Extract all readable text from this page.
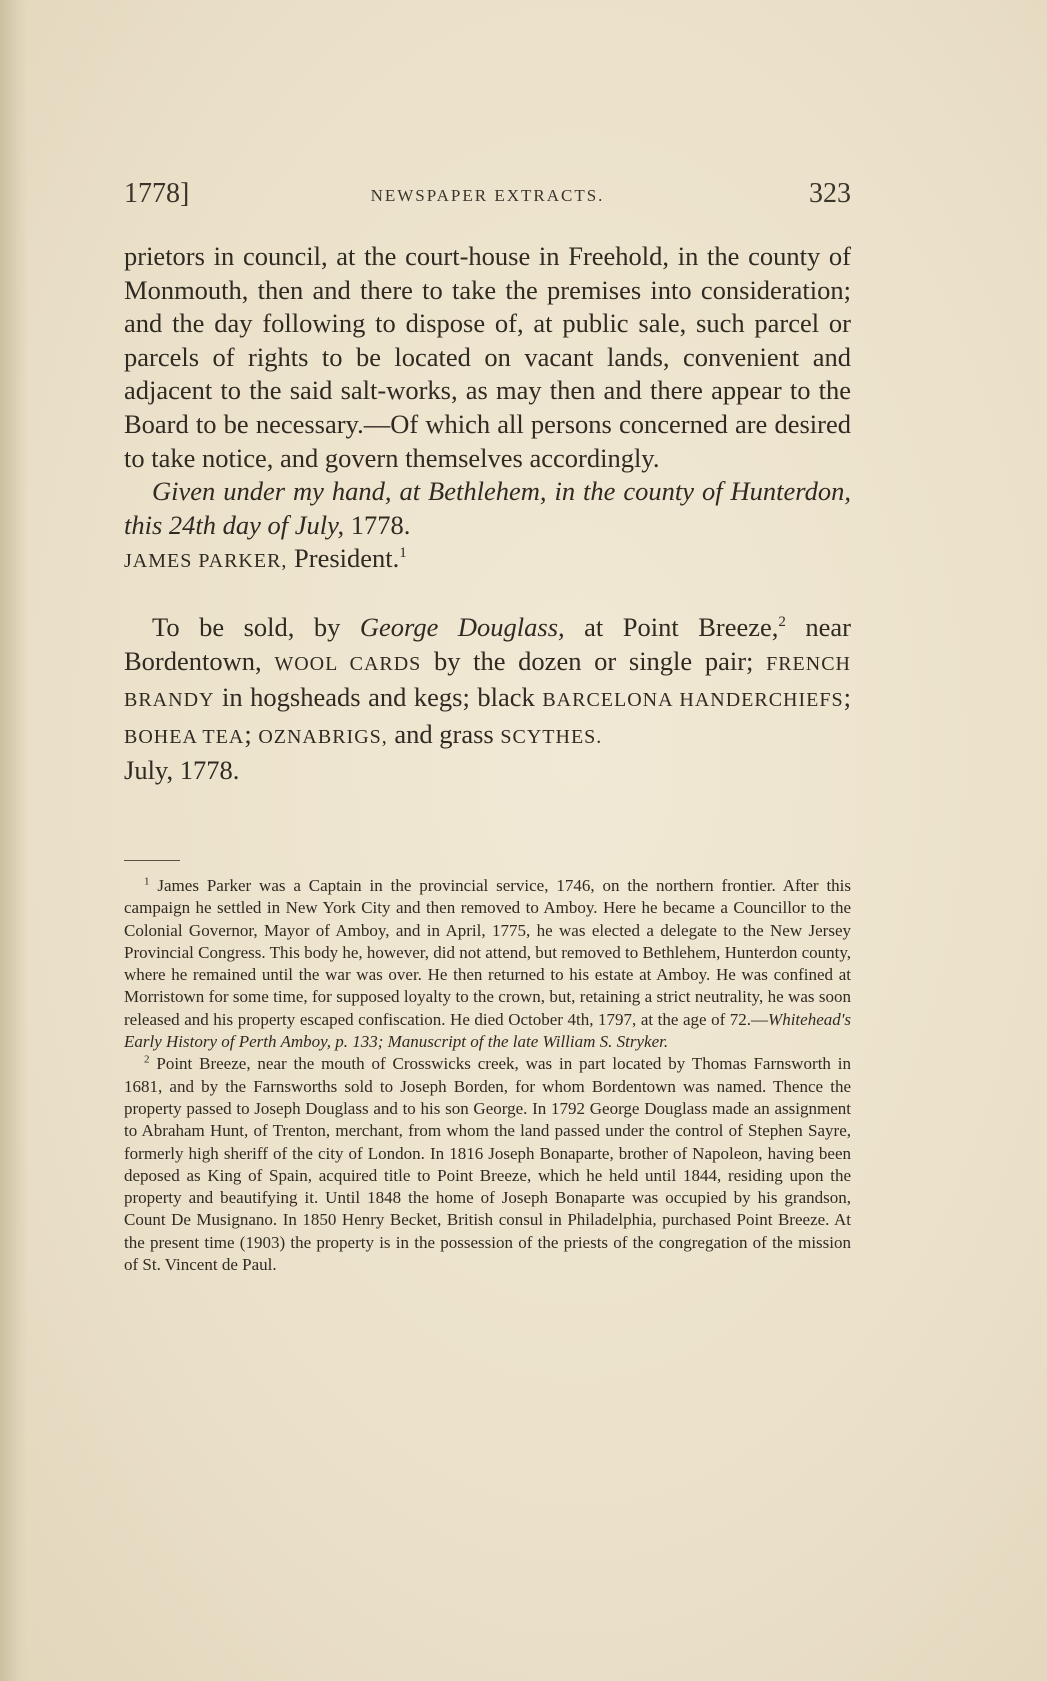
1778]	NEWSPAPER EXTRACTS.	323

prietors in council, at the court-house in Freehold, in the county of Monmouth, then and there to take the premises into consideration; and the day following to dispose of, at public sale, such parcel or parcels of rights to be located on vacant lands, convenient and adjacent to the said salt-works, as may then and there appear to the Board to be necessary.—Of which all persons concerned are desired to take notice, and govern themselves accordingly.

Given under my hand, at Bethlehem, in the county of Hunterdon, this 24th day of July, 1778.

JAMES PARKER, President.$^1$

To be sold, by George Douglass, at Point Breeze,$^2$ near Bordentown, WOOL CARDS by the dozen or single pair; FRENCH BRANDY in hogsheads and kegs; black BARCELONA HANDERCHIEFS; BOHEA TEA; OZNABRIGS, and grass SCYTHES.

July, 1778.

$^1$ James Parker was a Captain in the provincial service, 1746, on the northern frontier. After this campaign he settled in New York City and then removed to Amboy. Here he became a Councillor to the Colonial Governor, Mayor of Amboy, and in April, 1775, he was elected a delegate to the New Jersey Provincial Congress. This body he, however, did not attend, but removed to Bethlehem, Hunterdon county, where he remained until the war was over. He then returned to his estate at Amboy. He was confined at Morristown for some time, for supposed loyalty to the crown, but, retaining a strict neutrality, he was soon released and his property escaped confiscation. He died October 4th, 1797, at the age of 72.—Whitehead's Early History of Perth Amboy, p. 133; Manuscript of the late William S. Stryker.

$^2$ Point Breeze, near the mouth of Crosswicks creek, was in part located by Thomas Farnsworth in 1681, and by the Farnsworths sold to Joseph Borden, for whom Bordentown was named. Thence the property passed to Joseph Douglass and to his son George. In 1792 George Douglass made an assignment to Abraham Hunt, of Trenton, merchant, from whom the land passed under the control of Stephen Sayre, formerly high sheriff of the city of London. In 1816 Joseph Bonaparte, brother of Napoleon, having been deposed as King of Spain, acquired title to Point Breeze, which he held until 1844, residing upon the property and beautifying it. Until 1848 the home of Joseph Bonaparte was occupied by his grandson, Count De Musignano. In 1850 Henry Becket, British consul in Philadelphia, purchased Point Breeze. At the present time (1903) the property is in the possession of the priests of the congregation of the mission of St. Vincent de Paul.
